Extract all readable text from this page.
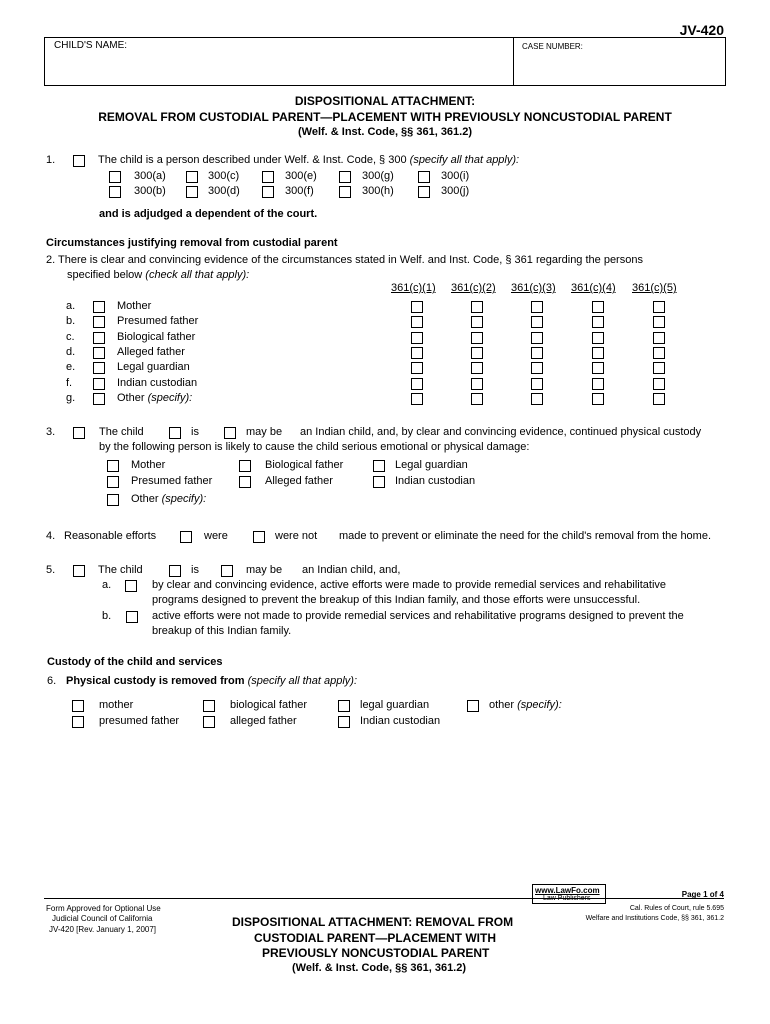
JV-420
CHILD'S NAME:	CASE NUMBER:
DISPOSITIONAL ATTACHMENT:
REMOVAL FROM CUSTODIAL PARENT—PLACEMENT WITH PREVIOUSLY NONCUSTODIAL PARENT
(Welf. & Inst. Code, §§ 361, 361.2)
1.	The child is a person described under Welf. & Inst. Code, § 300 (specify all that apply):
300(a)	300(c)	300(e)	300(g)	300(i)
300(b)	300(d)	300(f)	300(h)	300(j)
and is adjudged a dependent of the court.
Circumstances justifying removal from custodial parent
2. There is clear and convincing evidence of the circumstances stated in Welf. and Inst. Code, § 361 regarding the persons
specified below (check all that apply):
361(c)(1) 361(c)(2) 361(c)(3) 361(c)(4) 361(c)(5)
a.	Mother
b.	Presumed father
c.	Biological father
d.	Alleged father
e.	Legal guardian
f.	Indian custodian
g.	Other (specify):
3.	The child	is	may be an Indian child, and, by clear and convincing evidence, continued physical custody
by the following person is likely to cause the child serious emotional or physical damage:
Mother	Biological father	Legal guardian
Presumed father	Alleged father	Indian custodian
Other (specify):
4. Reasonable efforts	were	were not made to prevent or eliminate the need for the child's removal from the home.
5.	The child	is	may be an Indian child, and,
a.	by clear and convincing evidence, active efforts were made to provide remedial services and rehabilitative
programs designed to prevent the breakup of this Indian family, and those efforts were unsuccessful.
b.	active efforts were not made to provide remedial services and rehabilitative programs designed to prevent the
breakup of this Indian family.
Custody of the child and services
6. Physical custody is removed from (specify all that apply):
mother	biological father	legal guardian	other (specify):
presumed father	alleged father	Indian custodian
Form Approved for Optional Use
Judicial Council of California
JV-420 [Rev. January 1, 2007]
DISPOSITIONAL ATTACHMENT: REMOVAL FROM
CUSTODIAL PARENT—PLACEMENT WITH
PREVIOUSLY NONCUSTODIAL PARENT
(Welf. & Inst. Code, §§ 361, 361.2)
www.LawFo.com
Law Publishers	Page 1 of 4
Cal. Rules of Court, rule 5.695
Welfare and Institutions Code, §§ 361, 361.2
